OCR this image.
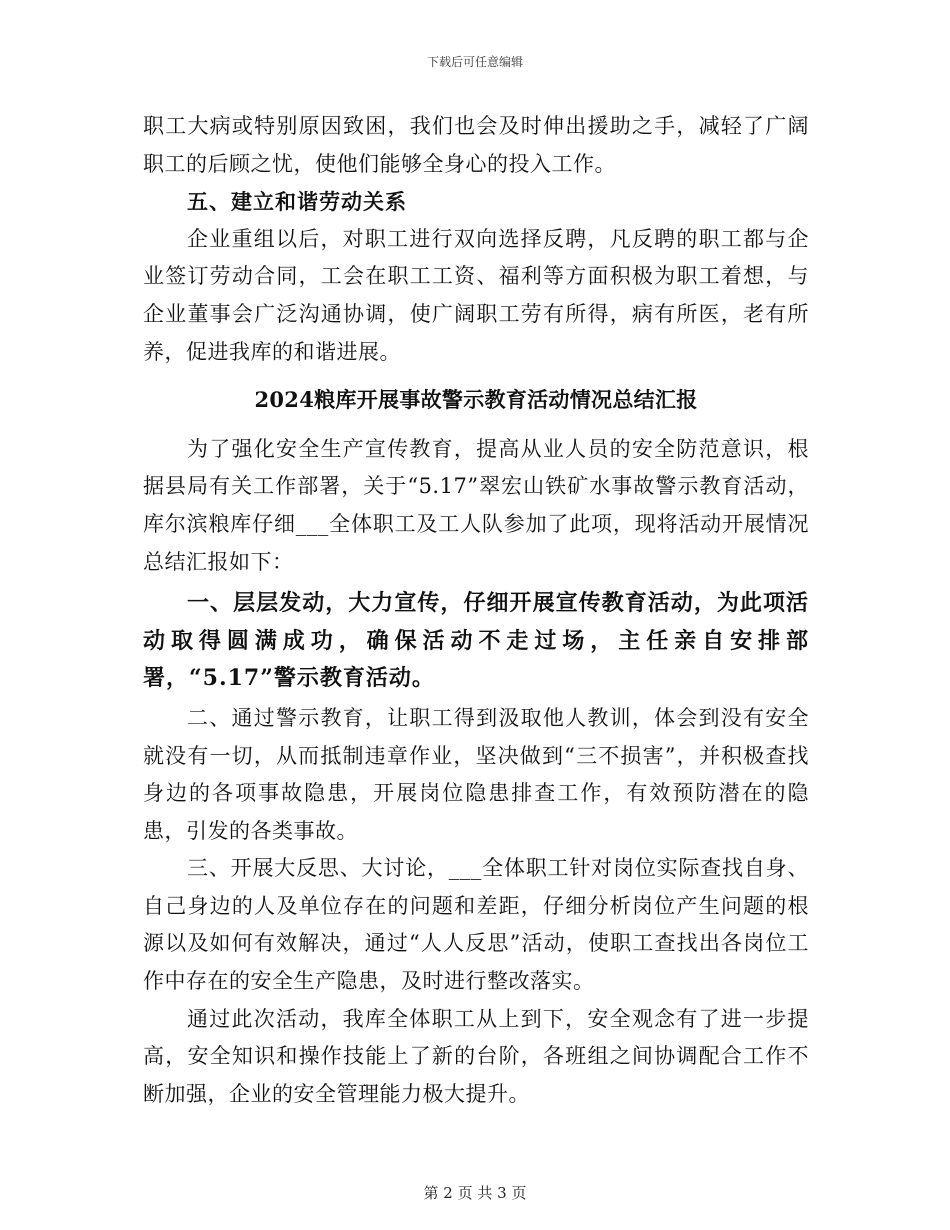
下载后可任意编辑

职工大病或特别原因致困，我们也会及时伸出援助之手，减轻了广阔职工的后顾之忧，使他们能够全身心的投入工作。

五、建立和谐劳动关系

企业重组以后，对职工进行双向选择反聘，凡反聘的职工都与企业签订劳动合同，工会在职工工资、福利等方面积极为职工着想，与企业董事会广泛沟通协调，使广阔职工劳有所得，病有所医，老有所养，促进我库的和谐进展。

2024粮库开展事故警示教育活动情况总结汇报

为了强化安全生产宣传教育，提高从业人员的安全防范意识，根据县局有关工作部署，关于“5.17”翠宏山铁矿水事故警示教育活动，库尔滨粮库仔细___全体职工及工人队参加了此项，现将活动开展情况总结汇报如下：

一、层层发动，大力宣传，仔细开展宣传教育活动，为此项活动取得圆满成功，确保活动不走过场，主任亲自安排部署，“5.17”警示教育活动。

二、通过警示教育，让职工得到汲取他人教训，体会到没有安全就没有一切，从而抵制违章作业，坚决做到“三不损害”，并积极查找身边的各项事故隐患，开展岗位隐患排查工作，有效预防潜在的隐患，引发的各类事故。

三、开展大反思、大讨论，___全体职工针对岗位实际查找自身、自己身边的人及单位存在的问题和差距，仔细分析岗位产生问题的根源以及如何有效解决，通过“人人反思”活动，使职工查找出各岗位工作中存在的安全生产隐患，及时进行整改落实。

通过此次活动，我库全体职工从上到下，安全观念有了进一步提高，安全知识和操作技能上了新的台阶，各班组之间协调配合工作不断加强，企业的安全管理能力极大提升。

第 2 页 共 3 页
